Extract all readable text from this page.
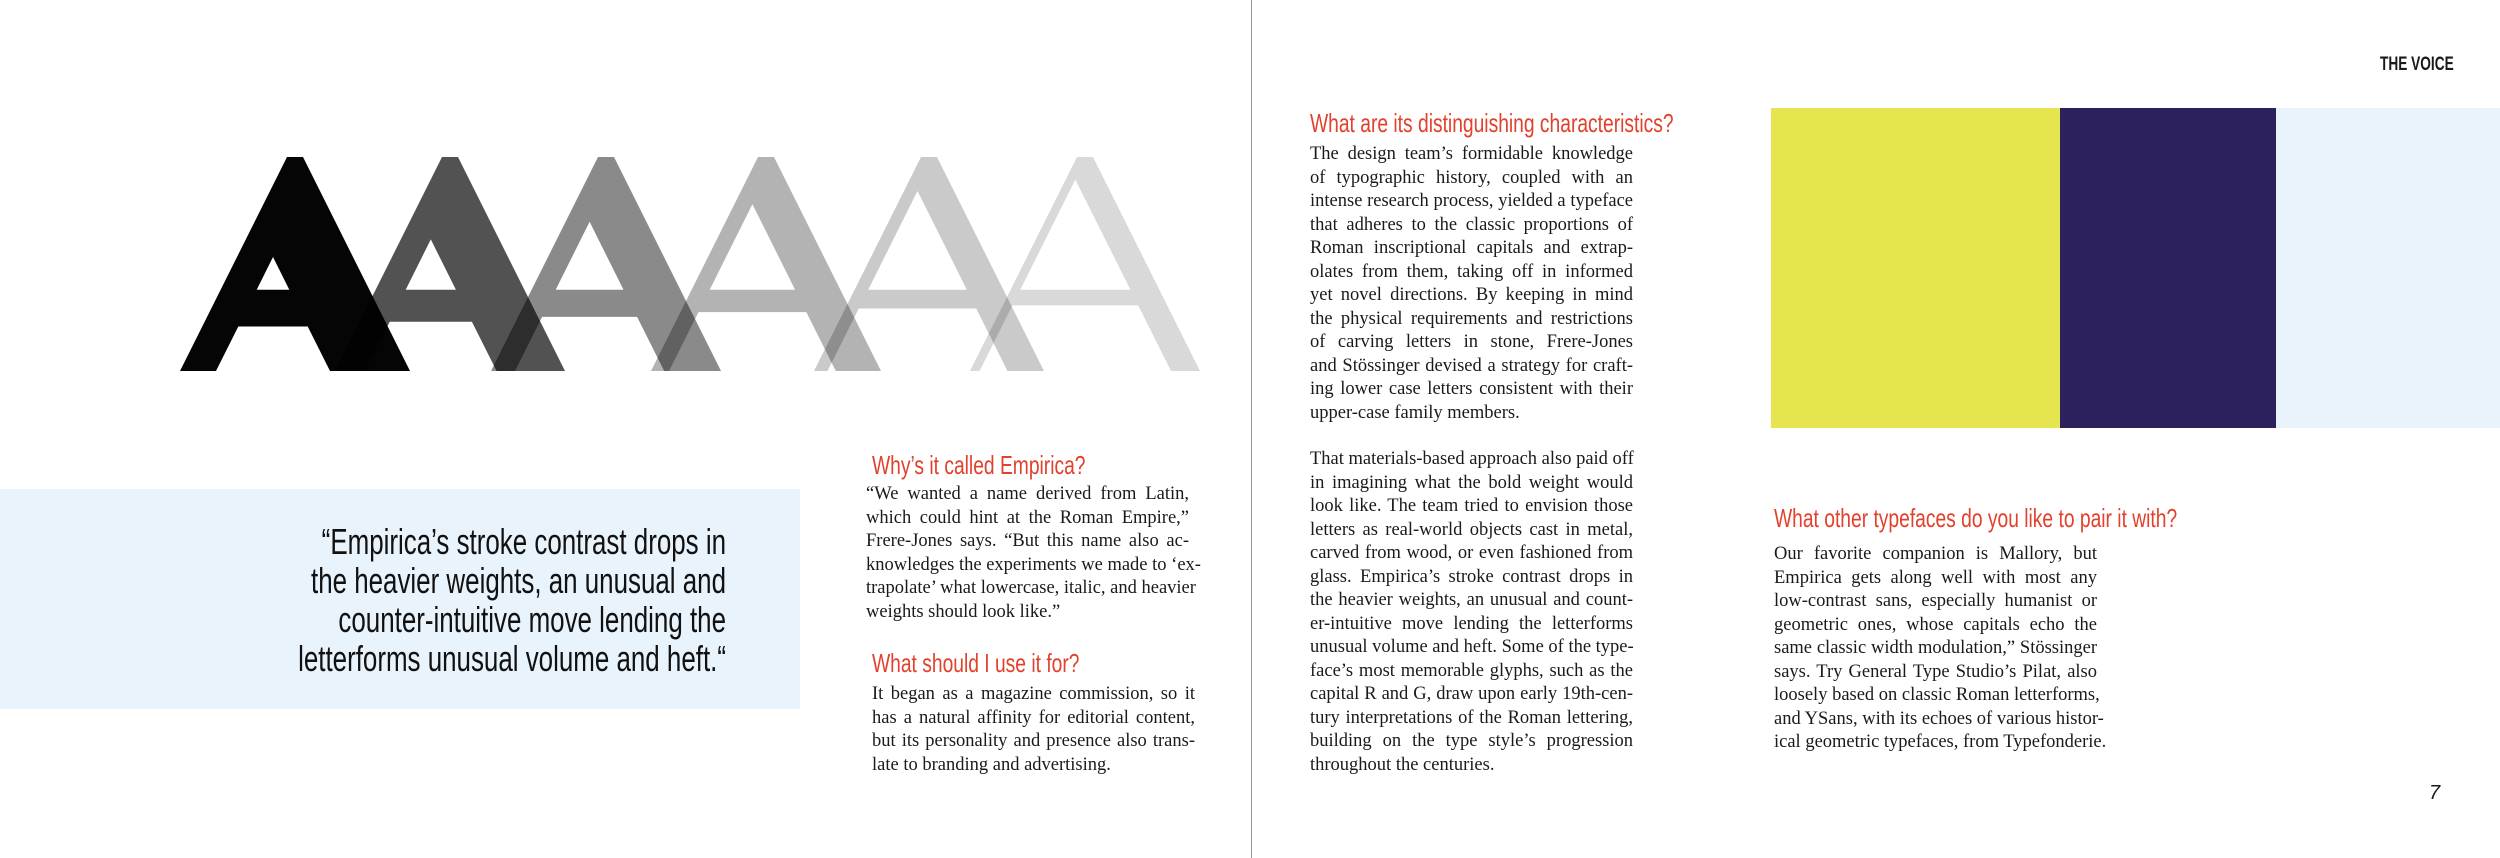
“Empirica’s stroke contrast drops in
the heavier weights, an unusual and
counter-intuitive move lending the
letterforms unusual volume and heft.“
Why’s it called Empirica?
“We wanted a name derived from Latin,
which could hint at the Roman Empire,”
Frere-Jones says. “But this name also ac-
knowledges the experiments we made to ‘ex-
trapolate’ what lowercase, italic, and heavier
weights should look like.”
What should I use it for?
It began as a magazine commission, so it
has a natural affinity for editorial content,
but its personality and presence also trans-
late to branding and advertising.
What are its distinguishing characteristics?
The design team’s formidable knowledge
of typographic history, coupled with an
intense research process, yielded a typeface
that adheres to the classic proportions of
Roman inscriptional capitals and extrap-
olates from them, taking off in informed
yet novel directions. By keeping in mind
the physical requirements and restrictions
of carving letters in stone, Frere-Jones
and Stössinger devised a strategy for craft-
ing lower case letters consistent with their
upper-case family members.
That materials-based approach also paid off
in imagining what the bold weight would
look like. The team tried to envision those
letters as real-world objects cast in metal,
carved from wood, or even fashioned from
glass. Empirica’s stroke contrast drops in
the heavier weights, an unusual and count-
er-intuitive move lending the letterforms
unusual volume and heft. Some of the type-
face’s most memorable glyphs, such as the
capital R and G, draw upon early 19th-cen-
tury interpretations of the Roman lettering,
building on the type style’s progression
throughout the centuries.
What other typefaces do you like to pair it with?
Our favorite companion is Mallory, but
Empirica gets along well with most any
low-contrast sans, especially humanist or
geometric ones, whose capitals echo the
same classic width modulation,” Stössinger
says. Try General Type Studio’s Pilat, also
loosely based on classic Roman letterforms,
and YSans, with its echoes of various histor-
ical geometric typefaces, from Typefonderie.
THE VOICE
7
